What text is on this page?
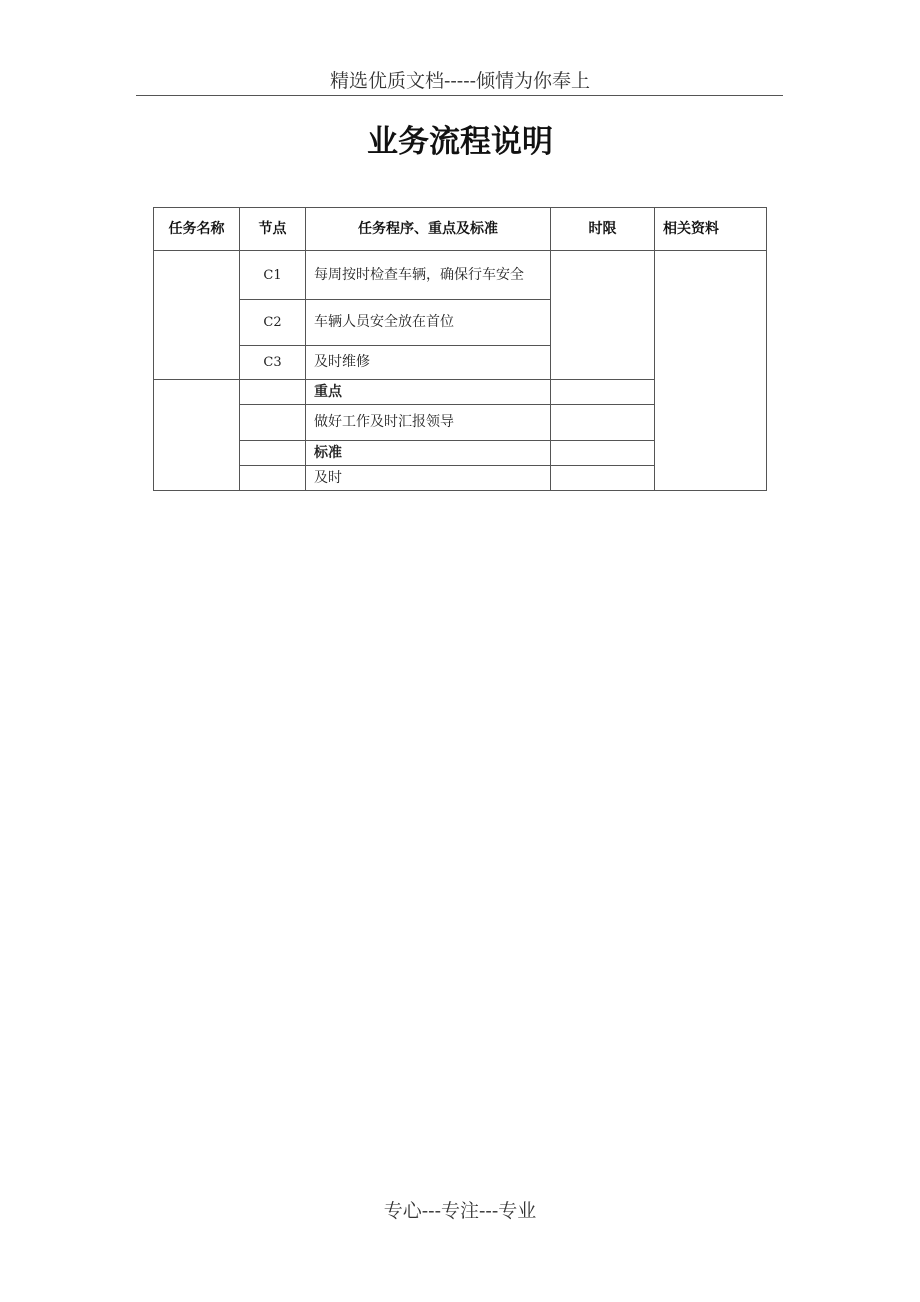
精选优质文档-----倾情为你奉上
业务流程说明
任务名称	节点	任务程序、重点及标准	时限	相关资料
	C1	每周按时检查车辆，确保行车安全		
	C2	车辆人员安全放在首位		
	C3	及时维修		
		重点		
		做好工作及时汇报领导		
		标准		
		及时		
专心---专注---专业
